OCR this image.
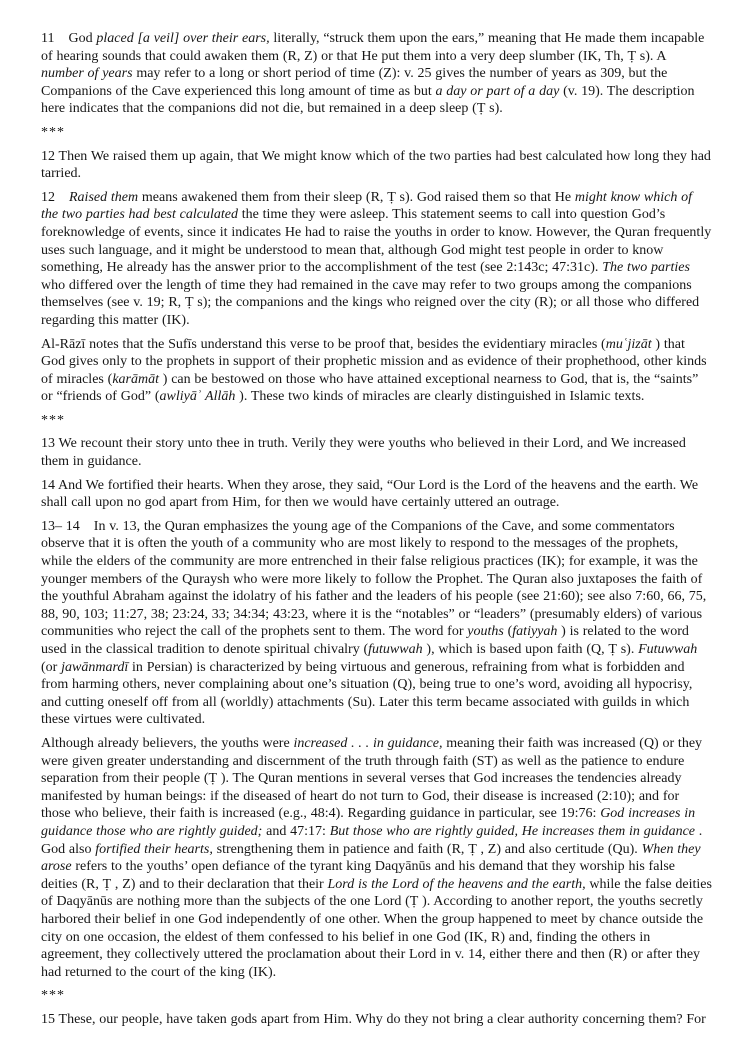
11 God placed [a veil] over their ears, literally, “struck them upon the ears,” meaning that He made them incapable of hearing sounds that could awaken them (R, Z) or that He put them into a very deep slumber (IK, Th, Ṭ s). A number of years may refer to a long or short period of time (Z): v. 25 gives the number of years as 309, but the Companions of the Cave experienced this long amount of time as but a day or part of a day (v. 19). The description here indicates that the companions did not die, but remained in a deep sleep (Ṭ s).

***

12 Then We raised them up again, that We might know which of the two parties had best calculated how long they had tarried.

12 Raised them means awakened them from their sleep (R, Ṭ s). God raised them so that He might know which of the two parties had best calculated the time they were asleep. This statement seems to call into question God’s foreknowledge of events, since it indicates He had to raise the youths in order to know. However, the Quran frequently uses such language, and it might be understood to mean that, although God might test people in order to know something, He already has the answer prior to the accomplishment of the test (see 2:143c; 47:31c). The two parties who differed over the length of time they had remained in the cave may refer to two groups among the companions themselves (see v. 19; R, Ṭ s); the companions and the kings who reigned over the city (R); or all those who differed regarding this matter (IK).

Al-Rāzī notes that the Sufīs understand this verse to be proof that, besides the evidentiary miracles (muʿjizāt ) that God gives only to the prophets in support of their prophetic mission and as evidence of their prophethood, other kinds of miracles (karāmāt ) can be bestowed on those who have attained exceptional nearness to God, that is, the “saints” or “friends of God” (awliyāʾ Allāh ). These two kinds of miracles are clearly distinguished in Islamic texts.

***

13 We recount their story unto thee in truth. Verily they were youths who believed in their Lord, and We increased them in guidance.

14 And We fortified their hearts. When they arose, they said, “Our Lord is the Lord of the heavens and the earth. We shall call upon no god apart from Him, for then we would have certainly uttered an outrage.

13– 14 In v. 13, the Quran emphasizes the young age of the Companions of the Cave, and some commentators observe that it is often the youth of a community who are most likely to respond to the messages of the prophets, while the elders of the community are more entrenched in their false religious practices (IK); for example, it was the younger members of the Quraysh who were more likely to follow the Prophet. The Quran also juxtaposes the faith of the youthful Abraham against the idolatry of his father and the leaders of his people (see 21:60); see also 7:60, 66, 75, 88, 90, 103; 11:27, 38; 23:24, 33; 34:34; 43:23, where it is the “notables” or “leaders” (presumably elders) of various communities who reject the call of the prophets sent to them. The word for youths (fatiyyah ) is related to the word used in the classical tradition to denote spiritual chivalry (futuwwah ), which is based upon faith (Q, Ṭ s). Futuwwah (or jawānmardī in Persian) is characterized by being virtuous and generous, refraining from what is forbidden and from harming others, never complaining about one’s situation (Q), being true to one’s word, avoiding all hypocrisy, and cutting oneself off from all (worldly) attachments (Su). Later this term became associated with guilds in which these virtues were cultivated.

Although already believers, the youths were increased . . . in guidance, meaning their faith was increased (Q) or they were given greater understanding and discernment of the truth through faith (ST) as well as the patience to endure separation from their people (Ṭ ). The Quran mentions in several verses that God increases the tendencies already manifested by human beings: if the diseased of heart do not turn to God, their disease is increased (2:10); and for those who believe, their faith is increased (e.g., 48:4). Regarding guidance in particular, see 19:76: God increases in guidance those who are rightly guided; and 47:17: But those who are rightly guided, He increases them in guidance . God also fortified their hearts, strengthening them in patience and faith (R, Ṭ , Z) and also certitude (Qu). When they arose refers to the youths’ open defiance of the tyrant king Daqyānūs and his demand that they worship his false deities (R, Ṭ , Z) and to their declaration that their Lord is the Lord of the heavens and the earth, while the false deities of Daqyānūs are nothing more than the subjects of the one Lord (Ṭ ). According to another report, the youths secretly harbored their belief in one God independently of one other. When the group happened to meet by chance outside the city on one occasion, the eldest of them confessed to his belief in one God (IK, R) and, finding the others in agreement, they collectively uttered the proclamation about their Lord in v. 14, either there and then (R) or after they had returned to the court of the king (IK).

***

15 These, our people, have taken gods apart from Him. Why do they not bring a clear authority concerning them? For
